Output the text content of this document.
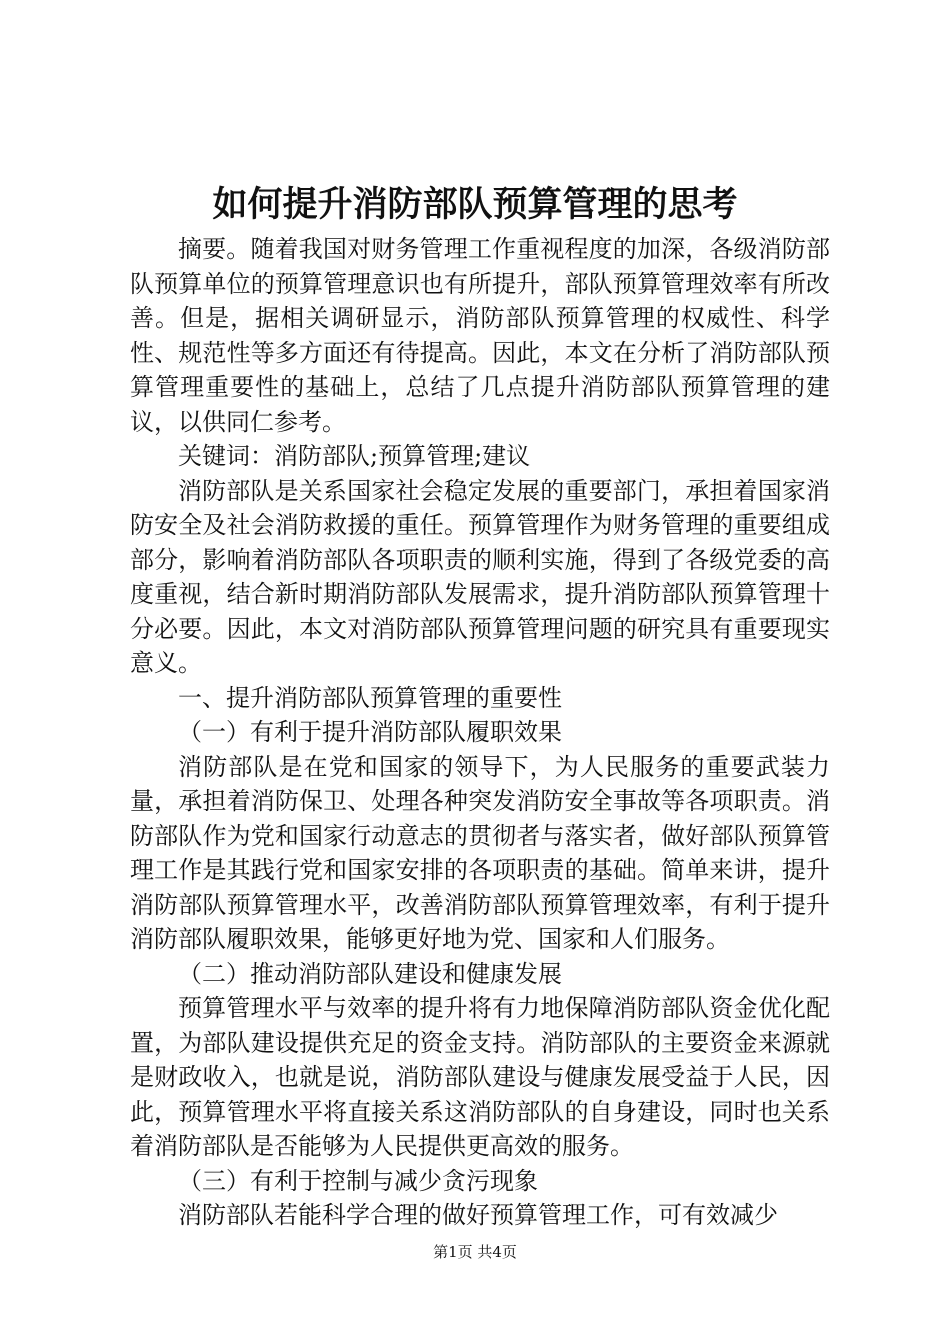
如何提升消防部队预算管理的思考

摘要。随着我国对财务管理工作重视程度的加深，各级消防部队预算单位的预算管理意识也有所提升，部队预算管理效率有所改善。但是，据相关调研显示，消防部队预算管理的权威性、科学性、规范性等多方面还有待提高。因此，本文在分析了消防部队预算管理重要性的基础上，总结了几点提升消防部队预算管理的建议，以供同仁参考。

关键词：消防部队;预算管理;建议

消防部队是关系国家社会稳定发展的重要部门，承担着国家消防安全及社会消防救援的重任。预算管理作为财务管理的重要组成部分，影响着消防部队各项职责的顺利实施，得到了各级党委的高度重视，结合新时期消防部队发展需求，提升消防部队预算管理十分必要。因此，本文对消防部队预算管理问题的研究具有重要现实意义。

一、提升消防部队预算管理的重要性

（一）有利于提升消防部队履职效果

消防部队是在党和国家的领导下，为人民服务的重要武装力量，承担着消防保卫、处理各种突发消防安全事故等各项职责。消防部队作为党和国家行动意志的贯彻者与落实者，做好部队预算管理工作是其践行党和国家安排的各项职责的基础。简单来讲，提升消防部队预算管理水平，改善消防部队预算管理效率，有利于提升消防部队履职效果，能够更好地为党、国家和人们服务。

（二）推动消防部队建设和健康发展

预算管理水平与效率的提升将有力地保障消防部队资金优化配置，为部队建设提供充足的资金支持。消防部队的主要资金来源就是财政收入，也就是说，消防部队建设与健康发展受益于人民，因此，预算管理水平将直接关系这消防部队的自身建设，同时也关系着消防部队是否能够为人民提供更高效的服务。

（三）有利于控制与减少贪污现象

消防部队若能科学合理的做好预算管理工作，可有效减少

第1页 共4页
